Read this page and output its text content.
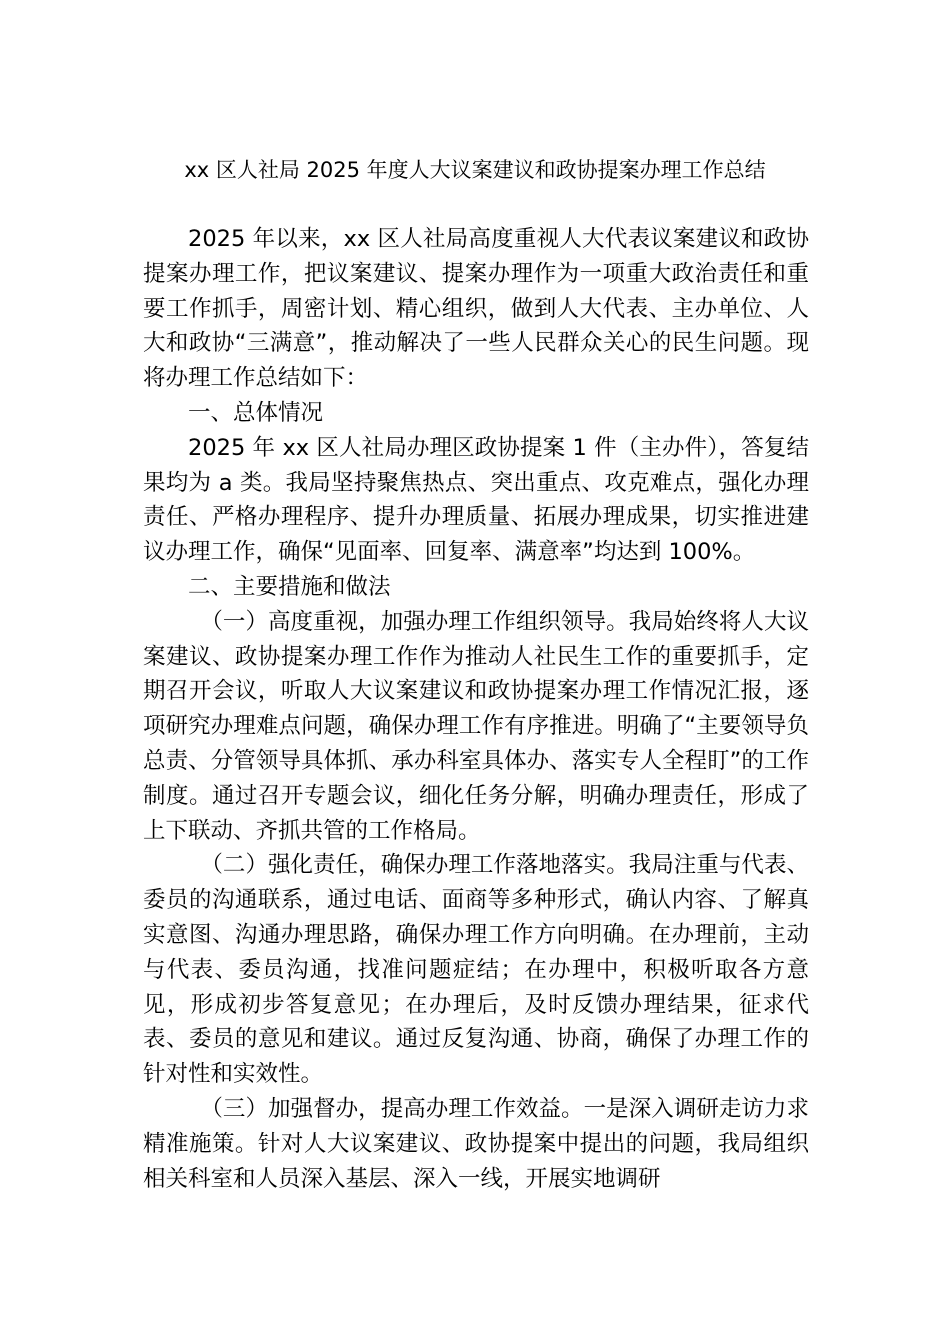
xx 区人社局 2025 年度人大议案建议和政协提案办理工作总结

2025 年以来，xx 区人社局高度重视人大代表议案建议和政协提案办理工作，把议案建议、提案办理作为一项重大政治责任和重要工作抓手，周密计划、精心组织，做到人大代表、主办单位、人大和政协“三满意”，推动解决了一些人民群众关心的民生问题。现将办理工作总结如下：

一、总体情况

2025 年 xx 区人社局办理区政协提案 1 件（主办件），答复结果均为 a 类。我局坚持聚焦热点、突出重点、攻克难点，强化办理责任、严格办理程序、提升办理质量、拓展办理成果，切实推进建议办理工作，确保“见面率、回复率、满意率”均达到 100%。

二、主要措施和做法

（一）高度重视，加强办理工作组织领导。我局始终将人大议案建议、政协提案办理工作作为推动人社民生工作的重要抓手，定期召开会议，听取人大议案建议和政协提案办理工作情况汇报，逐项研究办理难点问题，确保办理工作有序推进。明确了“主要领导负总责、分管领导具体抓、承办科室具体办、落实专人全程盯”的工作制度。通过召开专题会议，细化任务分解，明确办理责任，形成了上下联动、齐抓共管的工作格局。

（二）强化责任，确保办理工作落地落实。我局注重与代表、委员的沟通联系，通过电话、面商等多种形式，确认内容、了解真实意图、沟通办理思路，确保办理工作方向明确。在办理前，主动与代表、委员沟通，找准问题症结；在办理中，积极听取各方意见，形成初步答复意见；在办理后，及时反馈办理结果，征求代表、委员的意见和建议。通过反复沟通、协商，确保了办理工作的针对性和实效性。

（三）加强督办，提高办理工作效益。一是深入调研走访力求精准施策。针对人大议案建议、政协提案中提出的问题，我局组织相关科室和人员深入基层、深入一线，开展实地调研
